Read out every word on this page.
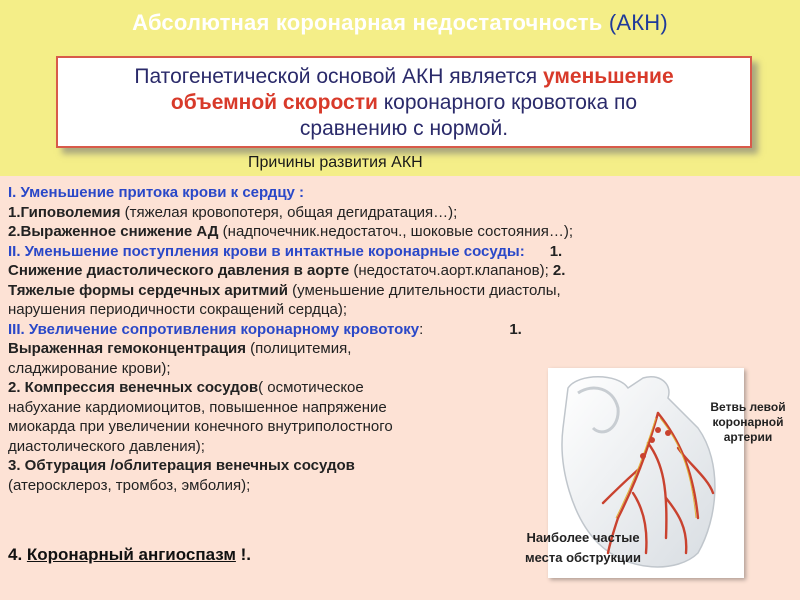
Абсолютная коронарная недостаточность (АКН)
Патогенетической основой АКН является уменьшение
объемной скорости коронарного кровотока по
сравнению с нормой.
Причины развития АКН
I. Уменьшение притока крови к сердцу :
1.Гиповолемия (тяжелая кровопотеря, общая дегидратация…);
2.Выраженное снижение АД (надпочечник.недостаточ., шоковые состояния…);
II. Уменьшение поступления крови в интактные коронарные сосуды:      1.
Снижение диастолического давления в аорте (недостаточ.аорт.клапанов); 2.
Тяжелые формы сердечных аритмий (уменьшение длительности диастолы,
нарушения периодичности сокращений сердца);
III. Увеличение сопротивления коронарному кровотоку:	1.
Выраженная гемоконцентрация (полицитемия,
сладжирование крови);
2. Компрессия венечных сосудов( осмотическое
набухание кардиомиоцитов, повышенное напряжение
миокарда при увеличении конечного внутриполостного
диастолического давления);
3. Обтурация /облитерация венечных сосудов
(атеросклероз, тромбоз, эмболия);
4. Коронарный ангиоспазм !.
Ветвь левой
коронарной
артерии
Наиболее частые
места обструкции
